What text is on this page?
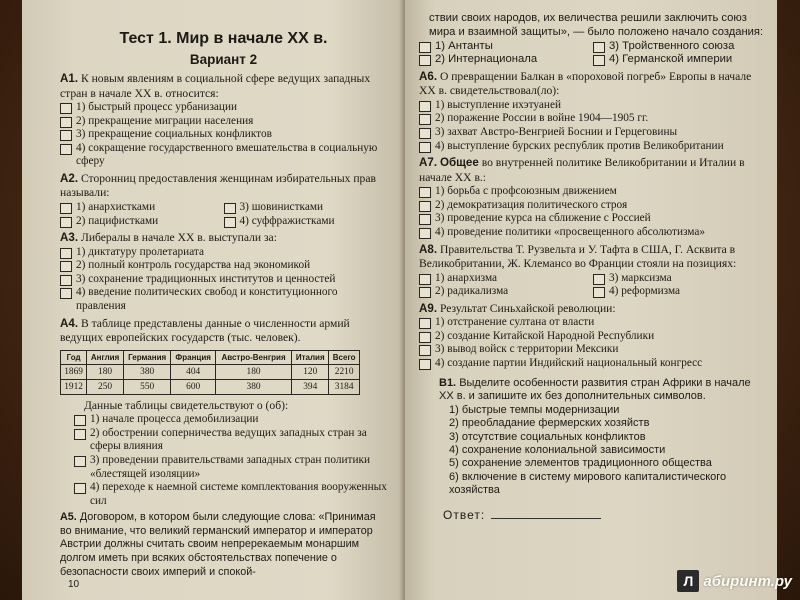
Тест 1. Мир в начале XX в.
Вариант 2

А1. К новым явлениям в социальной сфере ведущих западных стран в начале XX в. относится:

1) быстрый процесс урбанизации
2) прекращение миграции населения
3) прекращение социальных конфликтов
4) сокращение государственного вмешательства в социальную сферу

А2. Сторонниц предоставления женщинам избирательных прав называли:

1) анархистками	3) шовинистками
2) пацифистками	4) суффражистками

А3. Либералы в начале XX в. выступали за:

1) диктатуру пролетариата
2) полный контроль государства над экономикой
3) сохранение традиционных институтов и ценностей
4) введение политических свобод и конституционного правления

А4. В таблице представлены данные о численности армий ведущих европейских государств (тыс. человек).

Год	Англия	Германия	Франция	Австро-Венгрия	Италия	Всего
1869	180	380	404	180	120	2210
1912	250	550	600	380	394	3184

Данные таблицы свидетельствуют о (об):

1) начале процесса демобилизации
2) обострении соперничества ведущих западных стран за сферы влияния
3) проведении правительствами западных стран политики «блестящей изоляции»
4) переходе к наемной системе комплектования вооруженных сил

А5. Договором, в котором были следующие слова: «Принимая во внимание, что великий германский император и император Австрии должны считать своим непререкаемым монаршим долгом иметь при всяких обстоятельствах попечение о безопасности своих империй и спокой-

10

ствии своих народов, их величества решили заключить союз мира и взаимной защиты», — было положено начало создания:

1) Антанты	3) Тройственного союза
2) Интернационала	4) Германской империи

А6. О превращении Балкан в «пороховой погреб» Европы в начале XX в. свидетельствовал(ло):

1) выступление ихэтуаней
2) поражение России в войне 1904—1905 гг.
3) захват Австро-Венгрией Боснии и Герцеговины
4) выступление бурских республик против Великобритании

А7. Общее во внутренней политике Великобритании и Италии в начале XX в.:

1) борьба с профсоюзным движением
2) демократизация политического строя
3) проведение курса на сближение с Россией
4) проведение политики «просвещенного абсолютизма»

А8. Правительства Т. Рузвельта и У. Тафта в США, Г. Асквита в Великобритании, Ж. Клемансо во Франции стояли на позициях:

1) анархизма	3) марксизма
2) радикализма	4) реформизма

А9. Результат Синьхайской революции:

1) отстранение султана от власти
2) создание Китайской Народной Республики
3) вывод войск с территории Мексики
4) создание партии Индийский национальный конгресс

В1. Выделите особенности развития стран Африки в начале XX в. и запишите их без дополнительных символов.

1) быстрые темпы модернизации
2) преобладание фермерских хозяйств
3) отсутствие социальных конфликтов
4) сохранение колониальной зависимости
5) сохранение элементов традиционного общества
6) включение в систему мирового капиталистического хозяйства
Ответ:
Л абиринт.ру
